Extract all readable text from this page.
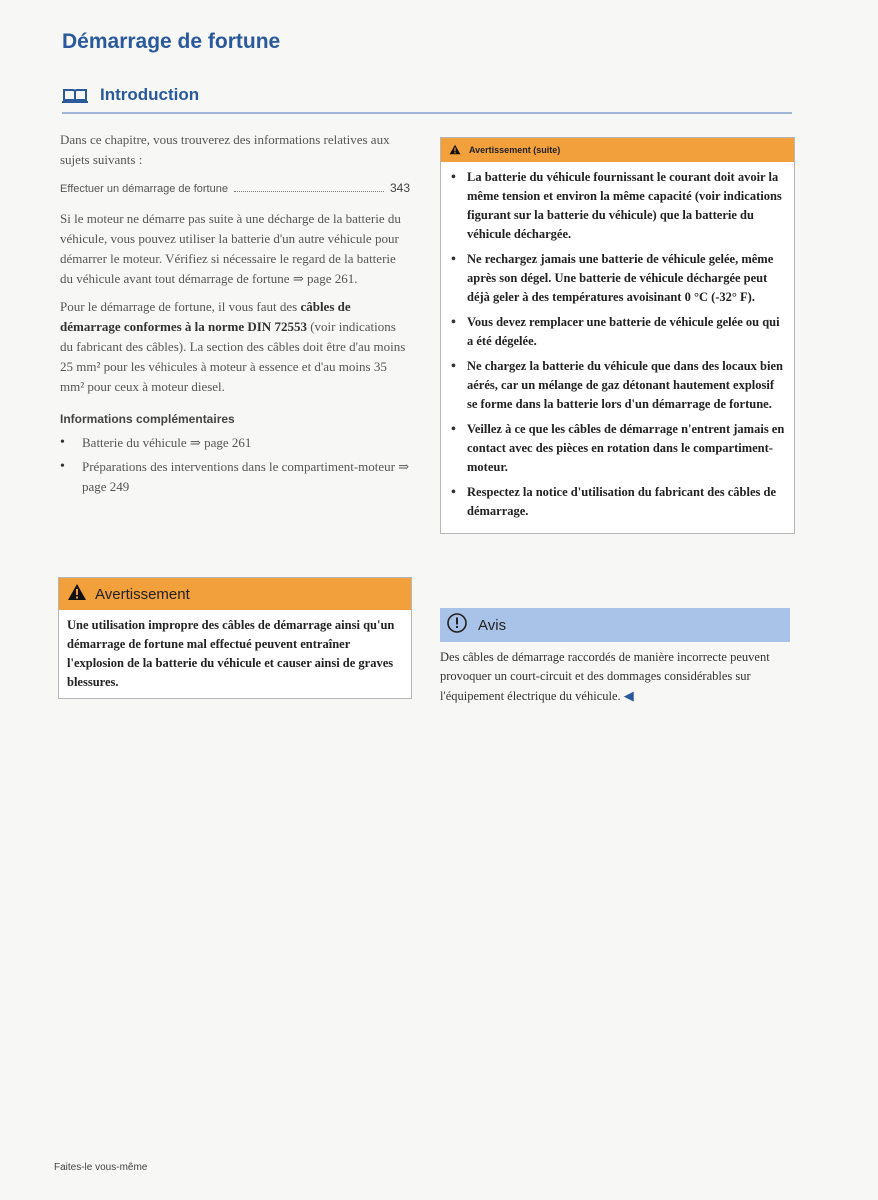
Démarrage de fortune
Introduction

Dans ce chapitre, vous trouverez des informations relatives aux sujets suivants :

Effectuer un démarrage de fortune	343

Si le moteur ne démarre pas suite à une décharge de la batterie du véhicule, vous pouvez utiliser la batterie d'un autre véhicule pour démarrer le moteur. Vérifiez si nécessaire le regard de la batterie du véhicule avant tout démarrage de fortune ⇒ page 261.

Pour le démarrage de fortune, il vous faut des câbles de démarrage conformes à la norme DIN 72553 (voir indications du fabricant des câbles). La section des câbles doit être d'au moins 25 mm² pour les véhicules à moteur à essence et d'au moins 35 mm² pour ceux à moteur diesel.

Informations complémentaires
• Batterie du véhicule ⇒ page 261
• Préparations des interventions dans le compartiment-moteur ⇒ page 249
Avertissement
Une utilisation impropre des câbles de démarrage ainsi qu'un démarrage de fortune mal effectué peuvent entraîner l'explosion de la batterie du véhicule et causer ainsi de graves blessures.
Avertissement (suite)
• La batterie du véhicule fournissant le courant doit avoir la même tension et environ la même capacité (voir indications figurant sur la batterie du véhicule) que la batterie du véhicule déchargée.
• Ne rechargez jamais une batterie de véhicule gelée, même après son dégel. Une batterie de véhicule déchargée peut déjà geler à des températures avoisinant 0 °C (-32° F).
• Vous devez remplacer une batterie de véhicule gelée ou qui a été dégelée.
• Ne chargez la batterie du véhicule que dans des locaux bien aérés, car un mélange de gaz détonant hautement explosif se forme dans la batterie lors d'un démarrage de fortune.
• Veillez à ce que les câbles de démarrage n'entrent jamais en contact avec des pièces en rotation dans le compartiment-moteur.
• Respectez la notice d'utilisation du fabricant des câbles de démarrage.
Avis
Des câbles de démarrage raccordés de manière incorrecte peuvent provoquer un court-circuit et des dommages considérables sur l'équipement électrique du véhicule. ◀
Faites-le vous-même
